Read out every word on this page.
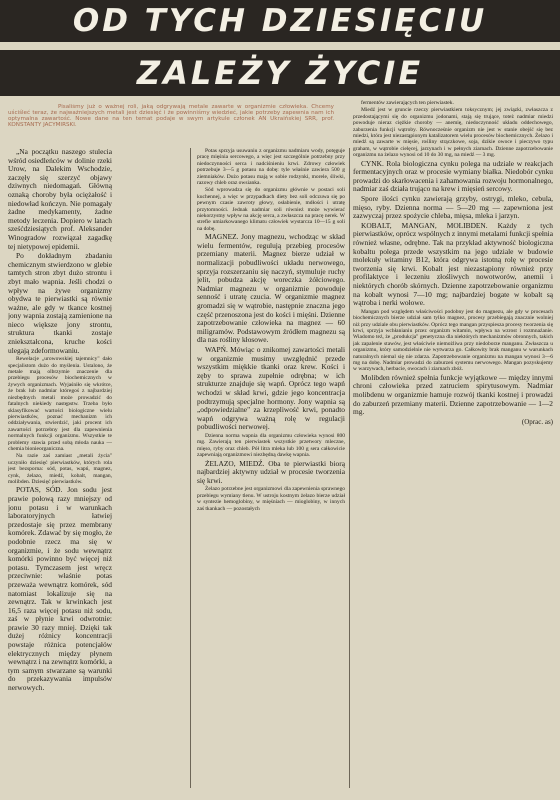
OD TYCH DZIESIĘCIU
ZALEŻY ŻYCIE
Pisaliśmy już o ważnej roli, jaką odgrywają metale zawarte w organizmie człowieka. Chcemy uściśleć teraz, że najważniejszych metali jest dziesięć i że powinniśmy wiedzieć, jakie potrzeby zapewnia nam ich optymalna zawartość. Nowe dane na ten temat podaje w swym artykule członek AN Ukraińskiej SRR, prof. KONSTANTY JACYMIRSKI.

„Na początku naszego stulecia wśród osiedleńców w dolinie rzeki Urow, na Dalekim Wschodzie, zaczęły się szerzyć objawy dziwnych niedomagań. Główną oznaką choroby była ociężałość i niedowład kończyn. Nie pomagały żadne medykamenty, żadne metody leczenia. Dopiero w latach sześćdziesiątych prof. Aleksander Winogradow rozwiązał zagadkę tej nietypowej epidemii.

Po dokładnym zbadaniu chemicznym stwierdzono w glebie tamtych stron zbyt dużo strontu i zbyt mało wapnia. Jeśli chodzi o wpływ na żywe organizmy obydwa te pierwiastki są równie ważne, ale gdy w tkance kostnej jony wapnia zostają zamienione na nieco większe jony strontu, struktura tkanki zostaje zniekształcona, kruche kości ulegają zdeformowaniu.

Rewelacje „urowowskiej tajemnicy" dało specjalistom dużo do myślenia. Ustalono, że metale mają olbrzymie znaczenie dla przebiegu procesów biochemicznych w żywych organizmach. Wyjaśniło się wkrótce, że brak lub nadmiar któregoś z najbardziej niezbędnych metali może prowadzić do fatalnych niekiedy następstw. Trzeba było sklasyfikować wartości biologiczne wielu pierwiastków, poznać mechanizm ich oddziaływania, stwierdzić, jaki procent ich zawartości potrzebny jest dla zapewnienia normalnych funkcji organizmu. Wszystkie te problemy stawia przed sobą młoda nauka — chemia bionieorganiczna.

Na razie zaś zamiast „metali życia" uczyniło dziesięć pierwiastków, których rola jest bezsporna: sód, potas, wapń, magnez, cynk, żelazo, miedź, kobalt, mangan, molibden. Dziesięć pierwiastków.

POTAS, SÓD. Jon sodu jest prawie połową razy mniejszy od jonu potasu i w warunkach laboratoryjnych łatwiej przedostaje się przez membrany komórek. Zdawać by się mogło, że podobnie rzecz ma się w organizmie, i że sodu wewnątrz komórki powinno być więcej niż potasu. Tymczasem jest wręcz przeciwnie: właśnie potas przeważa wewnątrz komórek, sód natomiast lokalizuje się na zewnątrz. Tak w krwinkach jest 16,5 raza więcej potasu niż sodu, zaś w płynie krwi odwrotnie: prawie 30 razy mniej. Dzięki tak dużej różnicy koncentracji powstaje różnica potencjałów elektrycznych między płynem wewnątrz i na zewnątrz komórki, a tym samym stwarzane są warunki do przekazywania impulsów nerwowych.

Potas sprzyja usuwaniu z organizmu nadmiaru wody, potęguje pracę mięśnia sercowego, a więc jest szczególnie potrzebny przy niedoczynności serca i nadciśnieniu krwi. Zdrowy człowiek potrzebuje 3—5 g potasu na dobę: tyle właśnie zawiera 500 g ziemniaków. Dużo potasu mają w sobie rodzynki, morele, śliwki, razowy chleb oraz owsianka.

Sód wprowadza się do organizmu głównie w postaci soli kuchennej, a więc w przypadkach diety bez soli odczuwa się po pewnym czasie zawroty głowy, osłabienie, mdłości i utratę przytomności. Jednak nadmiar soli również może wywierać niekorzystny wpływ na akcję serca, a zwłaszcza na pracę nerek. W strefie umiarkowanego klimatu człowiek wystarcza 10—15 g soli na dobę.

MAGNEZ. Jony magnezu, wchodząc w skład wielu fermentów, regulują przebieg procesów przemiany materii. Magnez bierze udział w normalizacji pobudliwości układu nerwowego, sprzyja rozszerzaniu się naczyń, stymuluje ruchy jelit, pobudza akcję woreczka żółciowego. Nadmiar magnezu w organizmie powoduje senność i utratę czucia. W organizmie magnez gromadzi się w wątrobie, następnie znaczna jego część przenoszona jest do kości i mięśni. Dzienne zapotrzebowanie człowieka na magnez — 60 miligramów. Podstawowym źródłem magnezu są dla nas rośliny kłosowe.

WAPŃ. Mówiąc o znikomej zawartości metali w organizmie musimy uwzględnić przede wszystkim miękkie tkanki oraz krew. Kości i zęby to sprawa zupełnie odrębna; w ich strukturze znajduje się wapń. Oprócz tego wapń wchodzi w skład krwi, gdzie jego koncentracja podtrzymują specjalne hormony. Jony wapnia są „odpowiedzialne" za krzepliwość krwi, ponadto wapń odgrywa ważną rolę w regulacji pobudliwości nerwowej.

Dzienna norma wapnia dla organizmu człowieka wynosi 800 mg. Zawierają ten pierwiastek wszystkie przetwory mleczne, mięso, ryby oraz chleb. Pół litra mleka lub 100 g sera całkowicie zapewniają organizmowi niezbędną dawkę wapnia.

ŻELAZO, MIEDŹ. Oba te pierwiastki biorą najbardziej aktywny udział w procesie tworzenia się krwi.

Żelazo potrzebne jest organizmowi dla zapewnienia sprawnego przebiegu wymiany tlenu. W ustroju kostnym żelazo bierze udział w syntezie hemoglobiny, w mięśniach — mioglobiny, w innych zaś tkankach — pozostałych

fermentów zawierających ten pierwiastek.

Miedź jest w gruncie rzeczy pierwiastkiem toksycznym; jej związki, zwłaszcza z przedostającymi się do organizmu jodonami, stają się trujące, toteż nadmiar miedzi powoduje nieraz ciężkie choroby — anemię, niedoczynność układu oddechowego, zaburzenia funkcji wątroby. Równocześnie organizm nie jest w stanie obejść się bez miedzi, która jest niezastąpionym katalizatorem wielu procesów biochemicznych. Żelazo i miedź są zawarte w mięsie, rośliny strączkowe, soja, dzikie owoce i pieczywo typu graham, w wątrobie cielęcej, jarzynach i w pełnych ziarnach. Dzienne zapotrzebowanie organizmu na żelazo wynosi od 10 do 30 mg, na miedź — 3 mg.

CYNK. Rola biologiczna cynku polega na udziale w reakcjach fermentacyjnych oraz w procesie wymiany białka. Niedobór cynku prowadzi do skarłowacenia i zahamowania rozwoju hormonalnego, nadmiar zaś działa trująco na krew i mięsień sercowy.

Spore ilości cynku zawierają grzyby, ostrygi, mleko, cebula, mięso, ryby. Dzienna norma — 5—20 mg — zapewniona jest zazwyczaj przez spożycie chleba, mięsa, mleka i jarzyn.

KOBALT, MANGAN, MOLIBDEN. Każdy z tych pierwiastków, oprócz wspólnych z innymi metalami funkcji spełnia również własne, odrębne. Tak na przykład aktywność biologiczna kobaltu polega przede wszystkim na jego udziale w budowie molekuły witaminy B12, która odgrywa istotną rolę w procesie tworzenia się krwi. Kobalt jest niezastąpiony również przy profilaktyce i leczeniu złośliwych nowotworów, anemii i niektórych chorób skórnych. Dzienne zapotrzebowanie organizmu na kobalt wynosi 7—10 mg; najbardziej bogate w kobalt są wątroba i nerki wołowe.

Mangan pod względem właściwości podobny jest do magnezu, ale gdy w procesach biochemicznych bierze udział sam tylko magnez, procesy przebiegają znacznie wolniej niż przy udziale obu pierwiastków. Oprócz tego mangan przyspiesza procesy tworzenia się krwi, sprzyja wchłanianiu przez organizm witamin, wpływa na wzrost i rozmnażanie. Wiadomo też, że „produkcja" genetyczna dla niektórych mechanizmów obronnych, takich jak zapalenie stawów, jest właściwie niemożliwa przy niedoborze manganu. Zwłaszcza u organizmu, który samodzielnie nie wytwarza go. Całkowity brak manganu w warunkach naturalnych niemal się nie zdarza. Zapotrzebowanie organizmu na mangan wynosi 3—6 mg na dobę. Nadmiar prowadzi do zaburzeń systemu nerwowego. Mangan pozyskujemy w warzywach, herbacie, owocach i ziarnach zbóż.

Molibden również spełnia funkcje wyjątkowe — między innymi chroni człowieka przed zatruciem spirytusowym. Nadmiar molibdenu w organizmie hamuje rozwój tkanki kostnej i prowadzi do zaburzeń przemiany materii. Dzienne zapotrzebowanie — 1—2 mg.

(Oprac. as)
